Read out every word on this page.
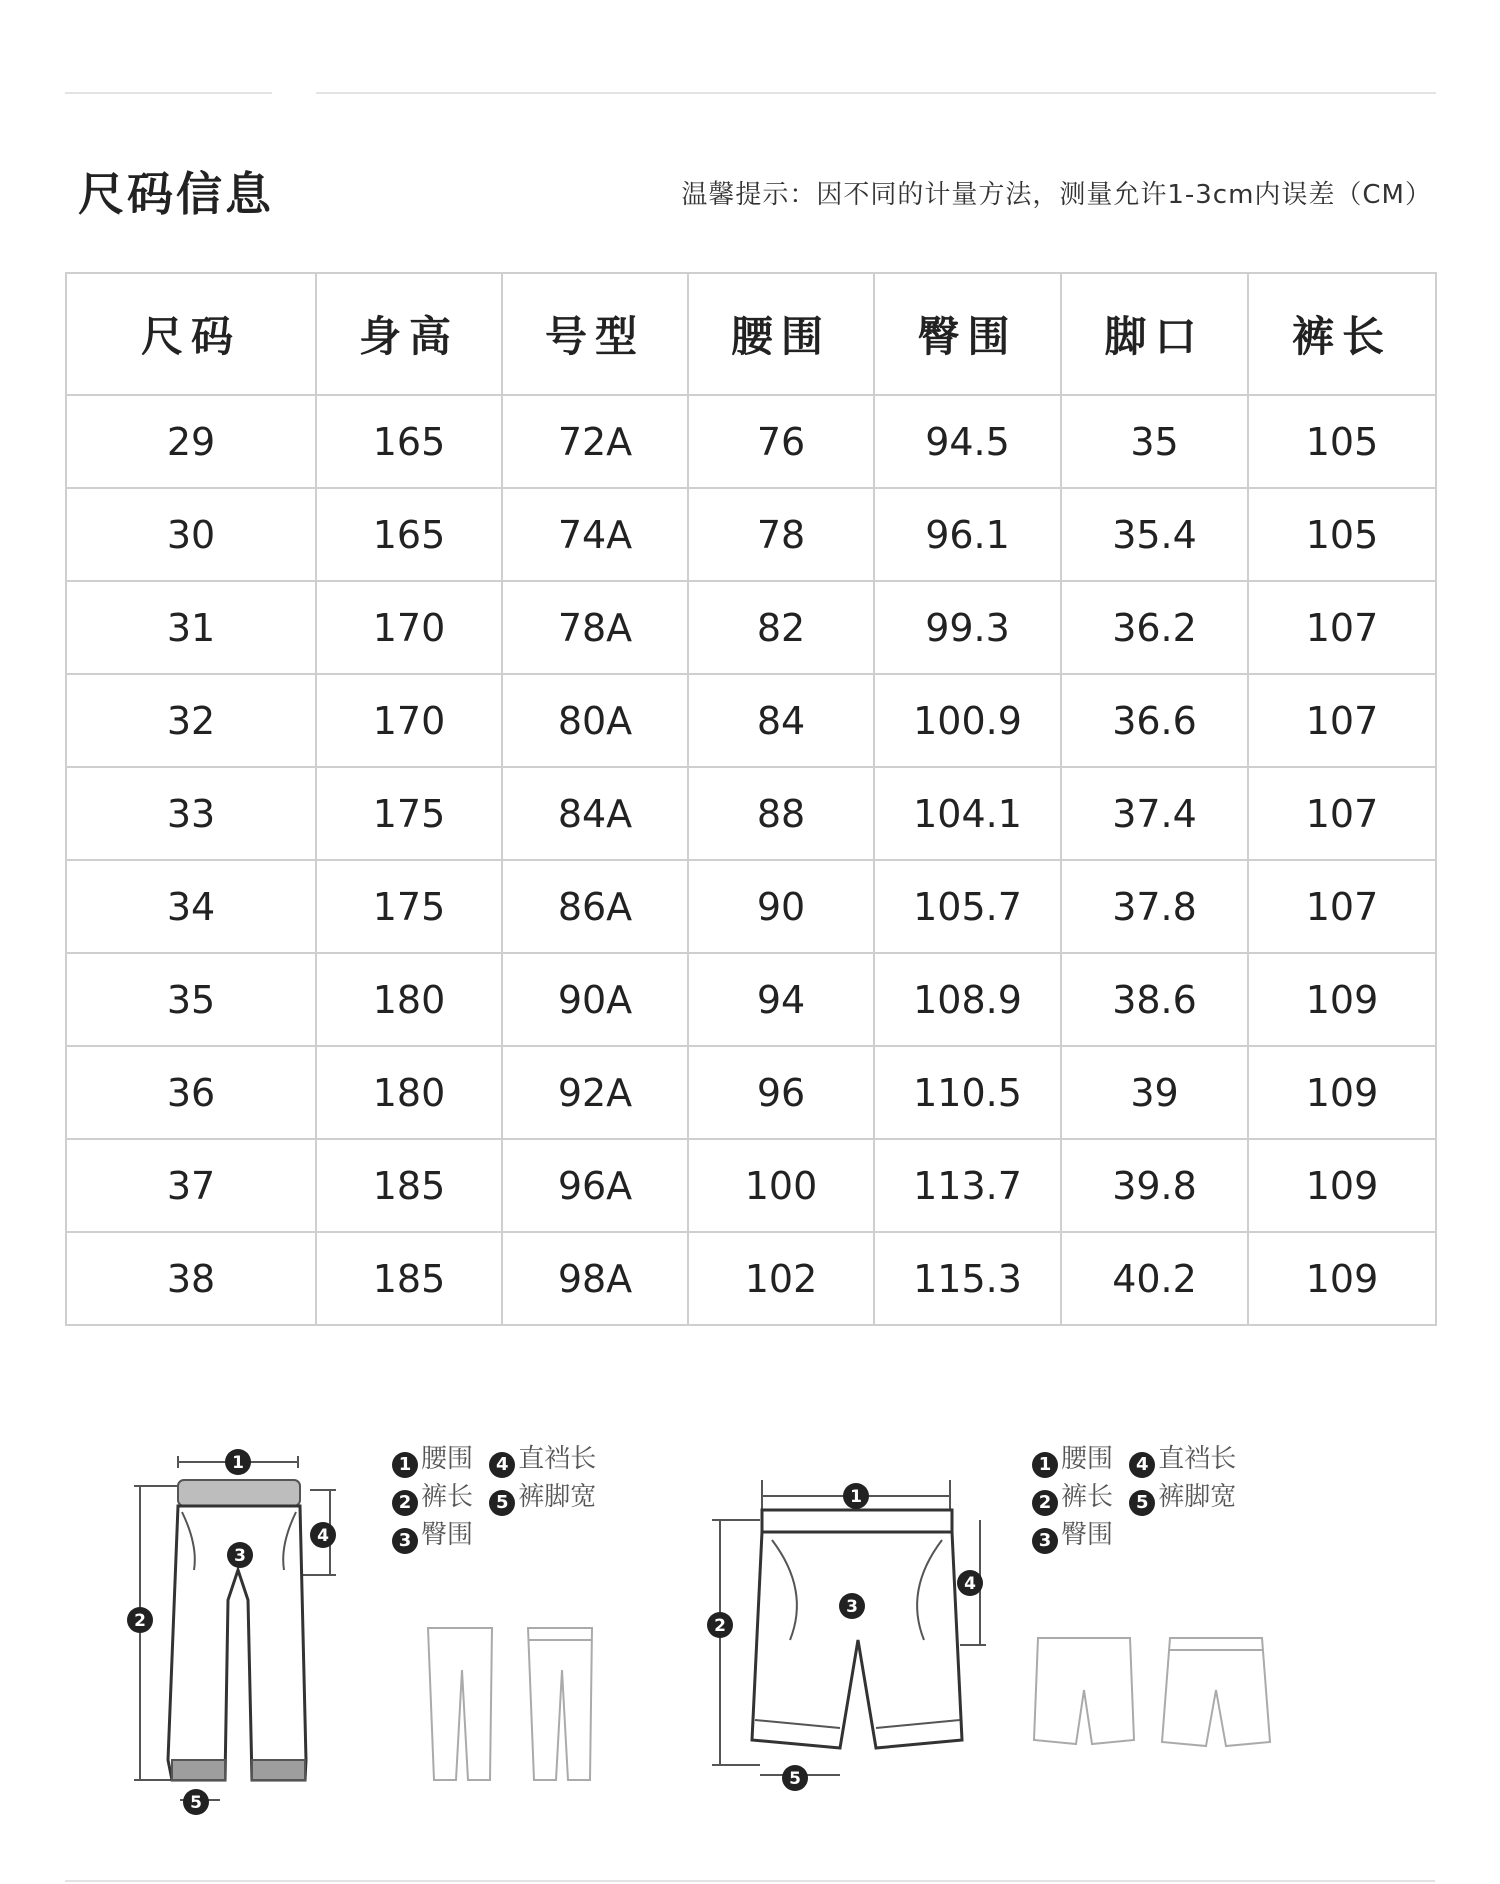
尺码信息	温馨提示：因不同的计量方法，测量允许1-3cm内误差（CM）
尺码	身高	号型	腰围	臀围	脚口	裤长
29	165	72A	76	94.5	35	105
30	165	74A	78	96.1	35.4	105
31	170	78A	82	99.3	36.2	107
32	170	80A	84	100.9	36.6	107
33	175	84A	88	104.1	37.4	107
34	175	86A	90	105.7	37.8	107
35	180	90A	94	108.9	38.6	109
36	180	92A	96	110.5	39	109
37	185	96A	100	113.7	39.8	109
38	185	98A	102	115.3	40.2	109
1
3
4
2
5
1 腰围 4 直裆长
2 裤长 5 裤脚宽
3 臀围
1
3
4
2
5
1 腰围 4 直裆长
2 裤长 5 裤脚宽
3 臀围
